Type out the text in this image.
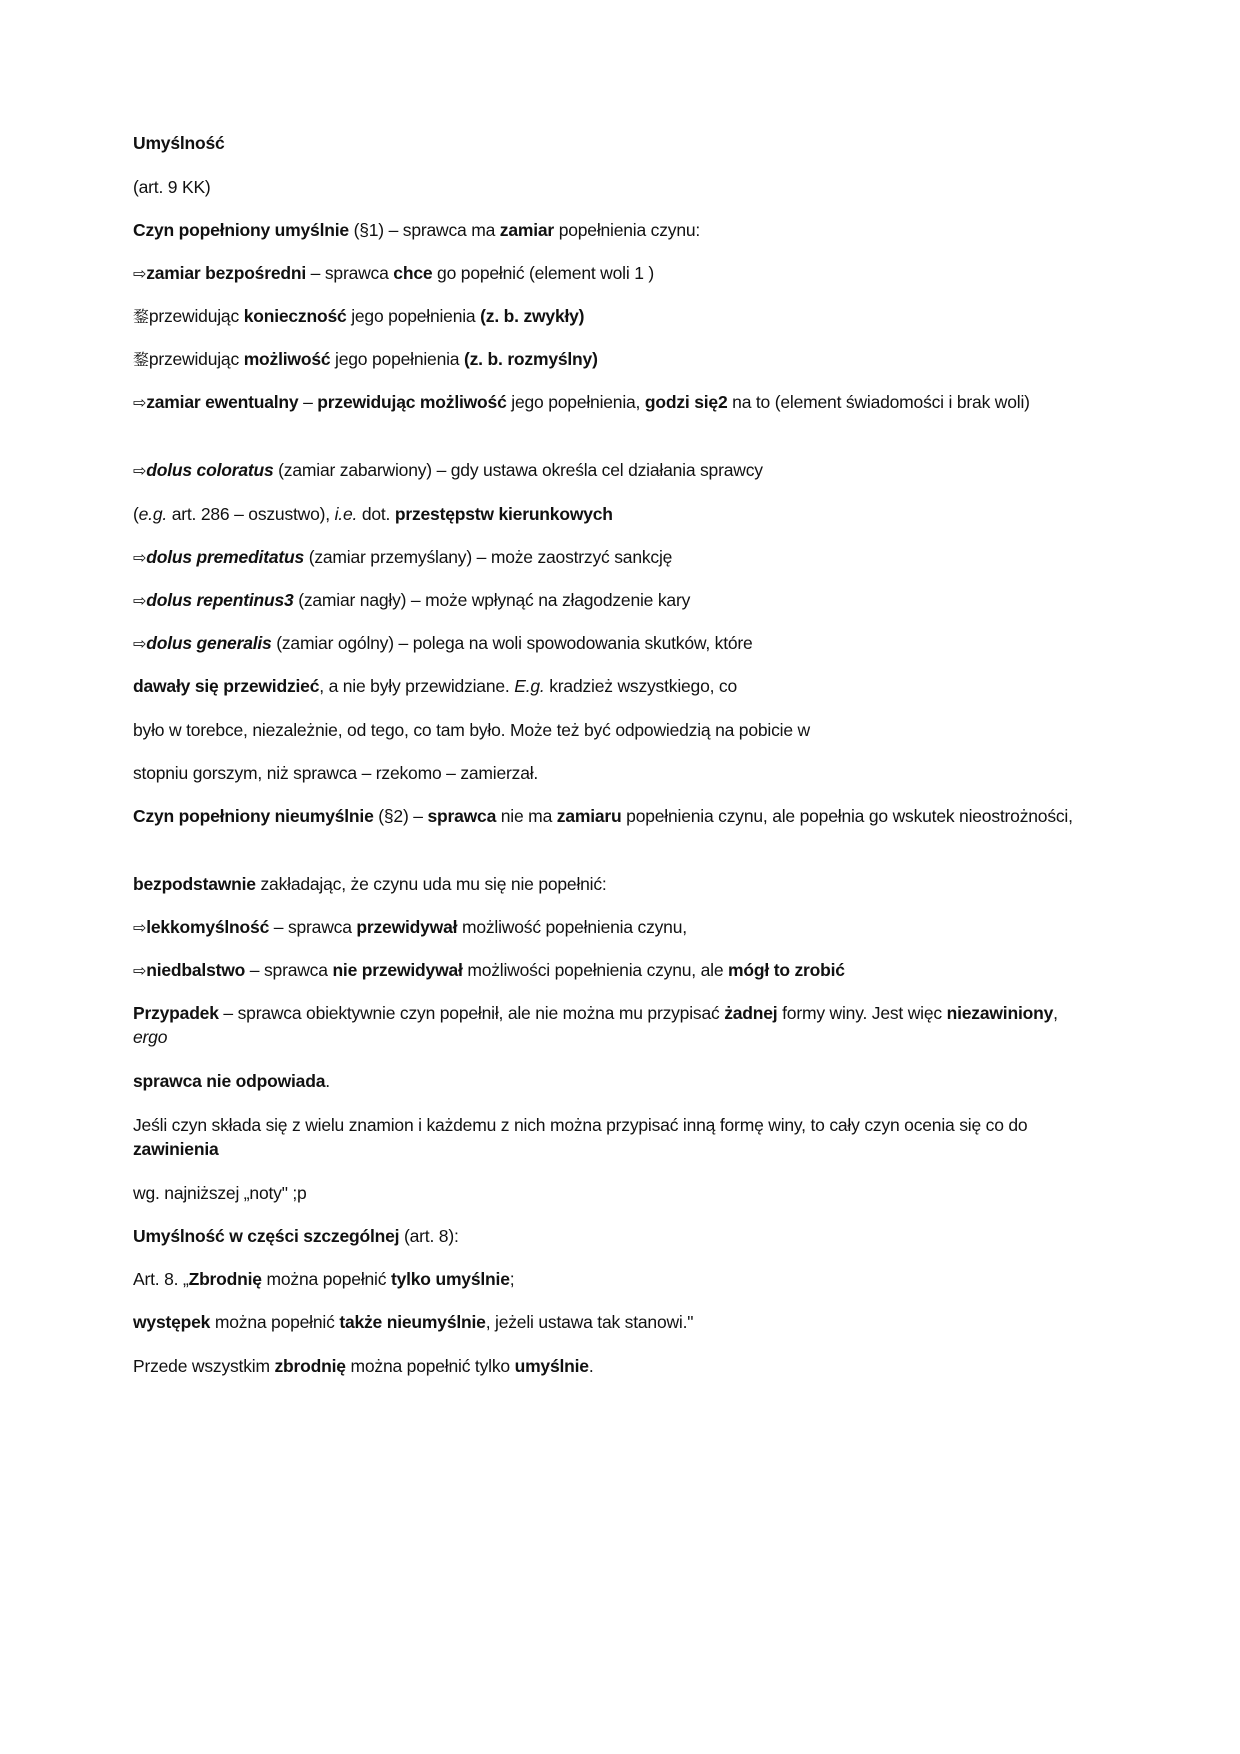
Umyślność
(art. 9 KK)
Czyn popełniony umyślnie (§1) – sprawca ma zamiar popełnienia czynu:
⇨zamiar bezpośredni – sprawca chce go popełnić (element woli 1 )
鍪przewidując konieczność jego popełnienia (z. b. zwykły)
鍪przewidując możliwość jego popełnienia (z. b. rozmyślny)
⇨zamiar ewentualny – przewidując możliwość jego popełnienia, godzi się2 na to (element świadomości i brak woli)
⇨dolus coloratus (zamiar zabarwiony) – gdy ustawa określa cel działania sprawcy
(e.g. art. 286 – oszustwo), i.e. dot. przestępstw kierunkowych
⇨dolus premeditatus (zamiar przemyślany) – może zaostrzyć sankcję
⇨dolus repentinus3 (zamiar nagły) – może wpłynąć na złagodzenie kary
⇨dolus generalis (zamiar ogólny) – polega na woli spowodowania skutków, które
dawały się przewidzieć, a nie były przewidziane. E.g. kradzież wszystkiego, co
było w torebce, niezależnie, od tego, co tam było. Może też być odpowiedzią na pobicie w
stopniu gorszym, niż sprawca – rzekomo – zamierzał.
Czyn popełniony nieumyślnie (§2) – sprawca nie ma zamiaru popełnienia czynu, ale popełnia go wskutek nieostrożności,
bezpodstawnie zakładając, że czynu uda mu się nie popełnić:
⇨lekkomyślność – sprawca przewidywał możliwość popełnienia czynu,
⇨niedbalstwo – sprawca nie przewidywał możliwości popełnienia czynu, ale mógł to zrobić
Przypadek – sprawca obiektywnie czyn popełnił, ale nie można mu przypisać żadnej formy winy. Jest więc niezawiniony, ergo
sprawca nie odpowiada.
Jeśli czyn składa się z wielu znamion i każdemu z nich można przypisać inną formę winy, to cały czyn ocenia się co do zawinienia
wg. najniższej „noty" ;p
Umyślność w części szczególnej (art. 8):
Art. 8. „Zbrodnię można popełnić tylko umyślnie;
występek można popełnić także nieumyślnie, jeżeli ustawa tak stanowi."
Przede wszystkim zbrodnię można popełnić tylko umyślnie.
